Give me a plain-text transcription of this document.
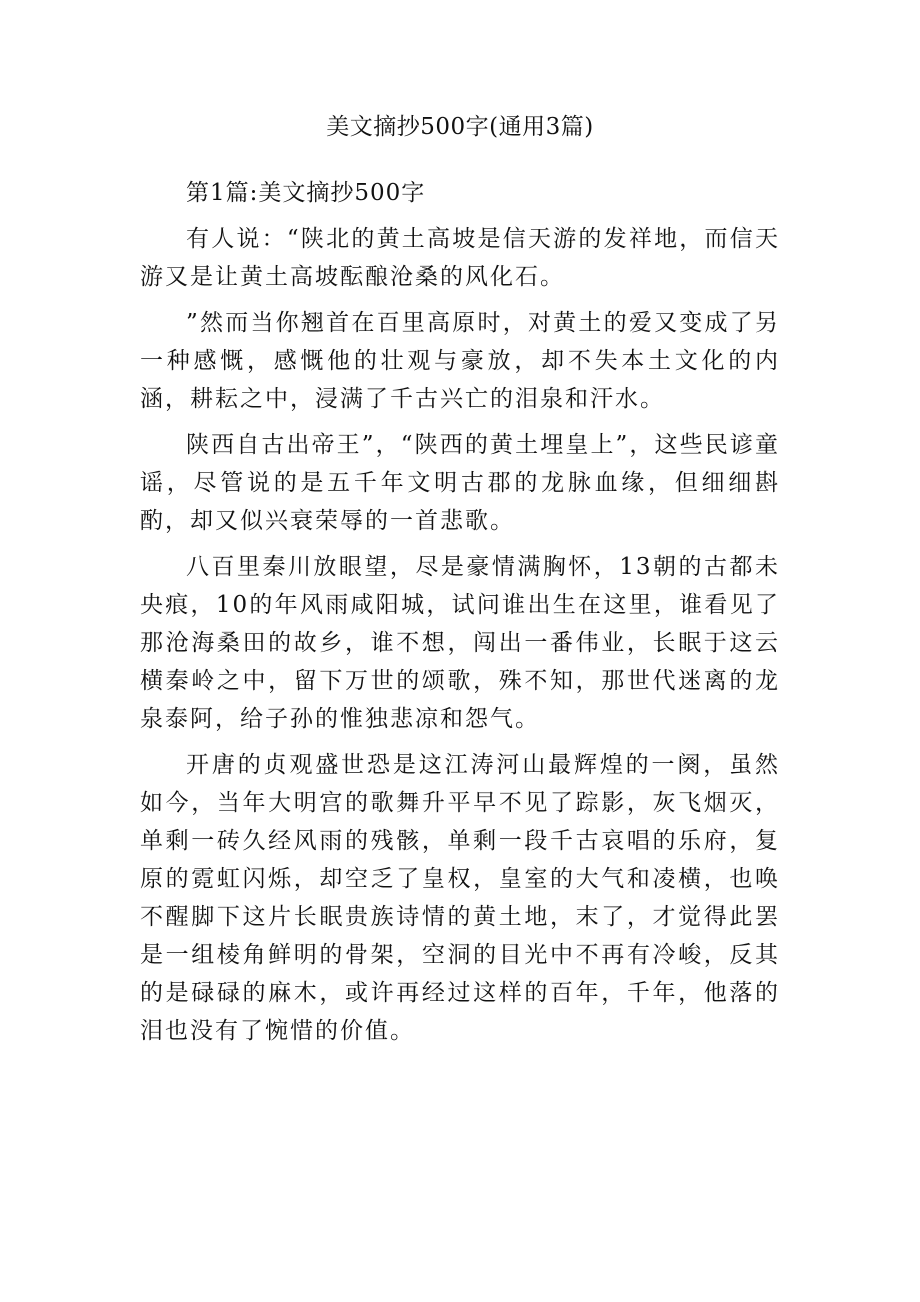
美文摘抄500字(通用3篇)

第1篇:美文摘抄500字

有人说：“陕北的黄土高坡是信天游的发祥地，而信天游又是让黄土高坡酝酿沧桑的风化石。

”然而当你翘首在百里高原时，对黄土的爱又变成了另一种感慨，感慨他的壮观与豪放，却不失本土文化的内涵，耕耘之中，浸满了千古兴亡的泪泉和汗水。

陕西自古出帝王”，“陕西的黄土埋皇上”，这些民谚童谣，尽管说的是五千年文明古郡的龙脉血缘，但细细斟酌，却又似兴衰荣辱的一首悲歌。

八百里秦川放眼望，尽是豪情满胸怀，13朝的古都未央痕，10的年风雨咸阳城，试问谁出生在这里，谁看见了那沧海桑田的故乡，谁不想，闯出一番伟业，长眠于这云横秦岭之中，留下万世的颂歌，殊不知，那世代迷离的龙泉泰阿，给子孙的惟独悲凉和怨气。

开唐的贞观盛世恐是这江涛河山最辉煌的一阕，虽然如今，当年大明宫的歌舞升平早不见了踪影，灰飞烟灭，单剩一砖久经风雨的残骸，单剩一段千古哀唱的乐府，复原的霓虹闪烁，却空乏了皇权，皇室的大气和凌横，也唤不醒脚下这片长眠贵族诗情的黄土地，末了，才觉得此罢是一组棱角鲜明的骨架，空洞的目光中不再有冷峻，反其的是碌碌的麻木，或许再经过这样的百年，千年，他落的泪也没有了惋惜的价值。
